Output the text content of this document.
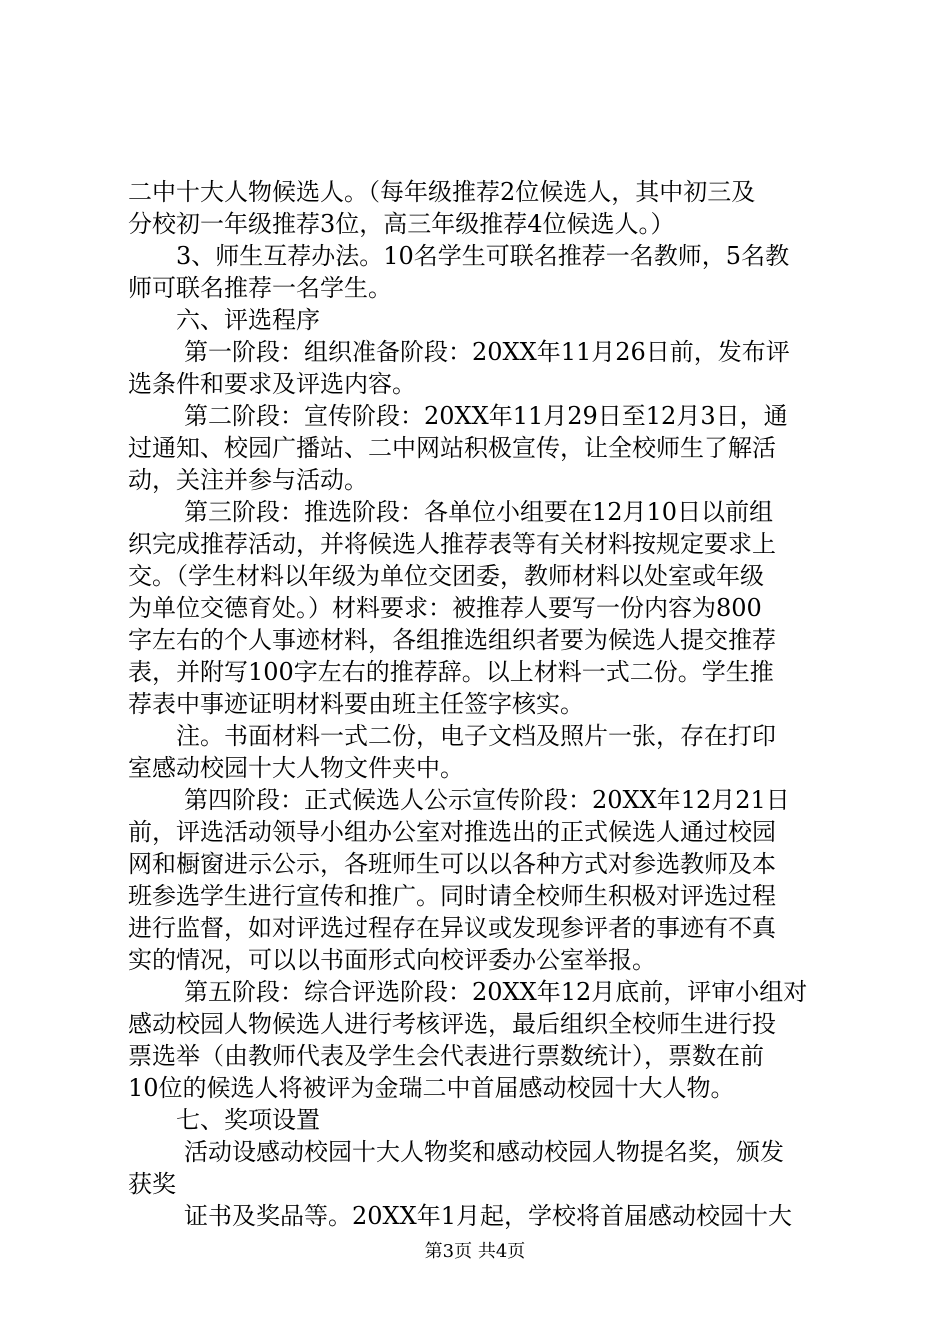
二中十大人物候选人。（每年级推荐2位候选人，其中初三及
分校初一年级推荐3位，高三年级推荐4位候选人。）
3、师生互荐办法。10名学生可联名推荐一名教师，5名教
师可联名推荐一名学生。
六、评选程序
第一阶段：组织准备阶段：20XX年11月26日前，发布评
选条件和要求及评选内容。
第二阶段：宣传阶段：20XX年11月29日至12月3日，通
过通知、校园广播站、二中网站积极宣传，让全校师生了解活
动，关注并参与活动。
第三阶段：推选阶段：各单位小组要在12月10日以前组
织完成推荐活动，并将候选人推荐表等有关材料按规定要求上
交。（学生材料以年级为单位交团委，教师材料以处室或年级
为单位交德育处。）材料要求：被推荐人要写一份内容为800
字左右的个人事迹材料，各组推选组织者要为候选人提交推荐
表，并附写100字左右的推荐辞。以上材料一式二份。学生推
荐表中事迹证明材料要由班主任签字核实。
注。书面材料一式二份，电子文档及照片一张，存在打印
室感动校园十大人物文件夹中。
第四阶段：正式候选人公示宣传阶段：20XX年12月21日
前，评选活动领导小组办公室对推选出的正式候选人通过校园
网和橱窗进示公示，各班师生可以以各种方式对参选教师及本
班参选学生进行宣传和推广。同时请全校师生积极对评选过程
进行监督，如对评选过程存在异议或发现参评者的事迹有不真
实的情况，可以以书面形式向校评委办公室举报。
第五阶段：综合评选阶段：20XX年12月底前，评审小组对
感动校园人物候选人进行考核评选，最后组织全校师生进行投
票选举（由教师代表及学生会代表进行票数统计），票数在前
10位的候选人将被评为金瑞二中首届感动校园十大人物。
七、奖项设置
活动设感动校园十大人物奖和感动校园人物提名奖，颁发
获奖
证书及奖品等。20XX年1月起，学校将首届感动校园十大
第3页 共4页
